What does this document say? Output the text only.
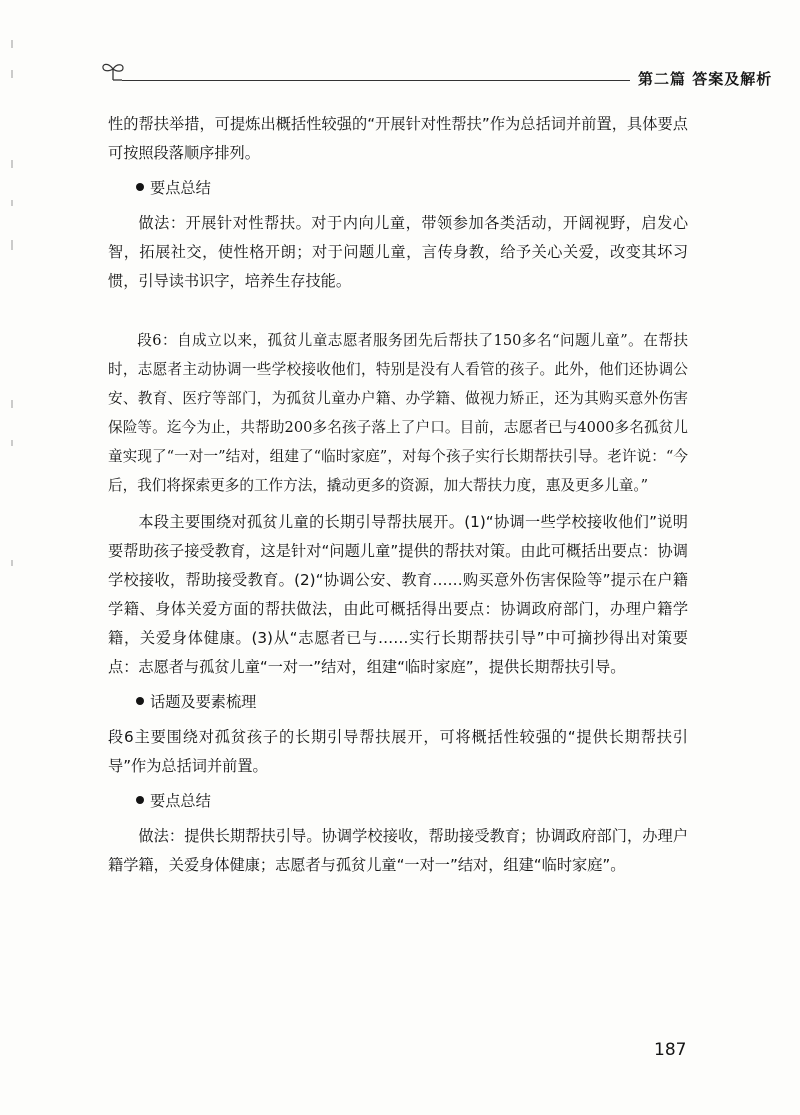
第二篇 答案及解析

性的帮扶举措，可提炼出概括性较强的“开展针对性帮扶”作为总括词并前置，具体要点可按照段落顺序排列。

要点总结

做法：开展针对性帮扶。对于内向儿童，带领参加各类活动，开阔视野，启发心智，拓展社交，使性格开朗；对于问题儿童，言传身教，给予关心关爱，改变其坏习惯，引导读书识字，培养生存技能。

段6：自成立以来，孤贫儿童志愿者服务团先后帮扶了150多名“问题儿童”。在帮扶时，志愿者主动协调一些学校接收他们，特别是没有人看管的孩子。此外，他们还协调公安、教育、医疗等部门，为孤贫儿童办户籍、办学籍、做视力矫正，还为其购买意外伤害保险等。迄今为止，共帮助200多名孩子落上了户口。目前，志愿者已与4000多名孤贫儿童实现了“一对一”结对，组建了“临时家庭”，对每个孩子实行长期帮扶引导。老许说：“今后，我们将探索更多的工作方法，撬动更多的资源，加大帮扶力度，惠及更多儿童。”

本段主要围绕对孤贫儿童的长期引导帮扶展开。(1)“协调一些学校接收他们”说明要帮助孩子接受教育，这是针对“问题儿童”提供的帮扶对策。由此可概括出要点：协调学校接收，帮助接受教育。(2)“协调公安、教育……购买意外伤害保险等”提示在户籍学籍、身体关爱方面的帮扶做法，由此可概括得出要点：协调政府部门，办理户籍学籍，关爱身体健康。(3)从“志愿者已与……实行长期帮扶引导”中可摘抄得出对策要点：志愿者与孤贫儿童“一对一”结对，组建“临时家庭”，提供长期帮扶引导。

话题及要素梳理

段6主要围绕对孤贫孩子的长期引导帮扶展开，可将概括性较强的“提供长期帮扶引导”作为总括词并前置。

要点总结

做法：提供长期帮扶引导。协调学校接收，帮助接受教育；协调政府部门，办理户籍学籍，关爱身体健康；志愿者与孤贫儿童“一对一”结对，组建“临时家庭”。

187
